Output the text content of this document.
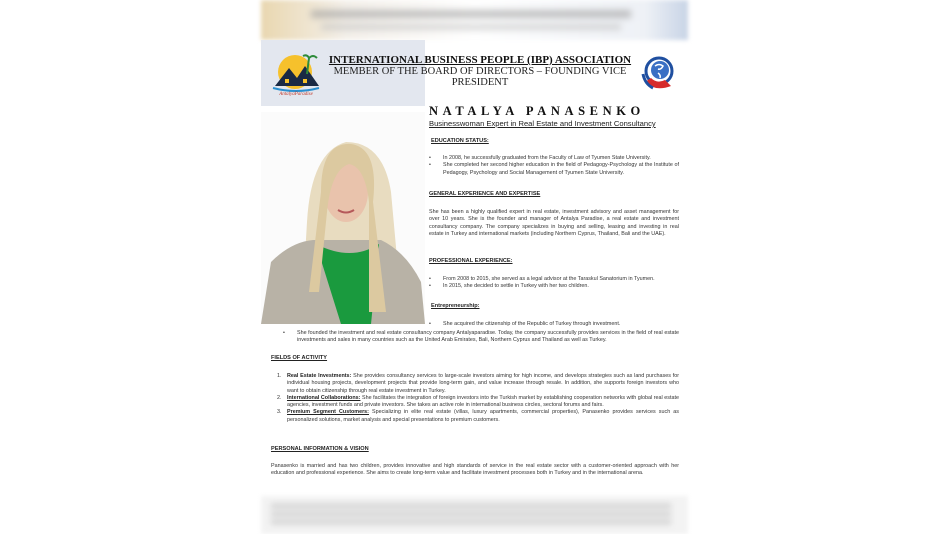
AntalyaParadise
INTERNATIONAL BUSINESS PEOPLE (IBP) ASSOCIATION
MEMBER OF THE BOARD OF DIRECTORS – FOUNDING VICE PRESIDENT
NATALYA PANASENKO
Businesswoman Expert in Real Estate and Investment Consultancy
EDUCATION STATUS:
• In 2008, he successfully graduated from the Faculty of Law of Tyumen State University.
• She completed her second higher education in the field of Pedagogy-Psychology at the Institute of Pedagogy, Psychology and Social Management of Tyumen State University.
GENERAL EXPERIENCE AND EXPERTISE
She has been a highly qualified expert in real estate, investment advisory and asset management for over 10 years. She is the founder and manager of Antalya Paradise, a real estate and investment consultancy company. The company specializes in buying and selling, leasing and investing in real estate in Turkey and international markets (including Northern Cyprus, Thailand, Bali and the UAE).
PROFESSIONAL EXPERIENCE:
• From 2008 to 2015, she served as a legal advisor at the Taraskul Sanatorium in Tyumen.
• In 2015, she decided to settle in Turkey with her two children.
Entrepreneurship:
• She acquired the citizenship of the Republic of Turkey through investment.
• She founded the investment and real estate consultancy company Antalyaparadise. Today, the company successfully provides services in the field of real estate investments and sales in many countries such as the United Arab Emirates, Bali, Northern Cyprus and Thailand as well as Turkey.
FIELDS OF ACTIVITY
1. Real Estate Investments: She provides consultancy services to large-scale investors aiming for high income, and develops strategies such as land purchases for individual housing projects, development projects that provide long-term gain, and value increase through resale. In addition, she supports foreign investors who want to obtain citizenship through real estate investment in Turkey.
2. International Collaborations: She facilitates the integration of foreign investors into the Turkish market by establishing cooperation networks with global real estate agencies, investment funds and private investors. She takes an active role in international business circles, sectoral forums and fairs.
3. Premium Segment Customers: Specializing in elite real estate (villas, luxury apartments, commercial properties), Panasenko provides services such as personalized solutions, market analysis and special presentations to premium customers.
PERSONAL INFORMATION & VISION
Panasenko is married and has two children, provides innovative and high standards of service in the real estate sector with a customer-oriented approach with her education and professional experience. She aims to create long-term value and facilitate investment processes both in Turkey and in the international arena.
